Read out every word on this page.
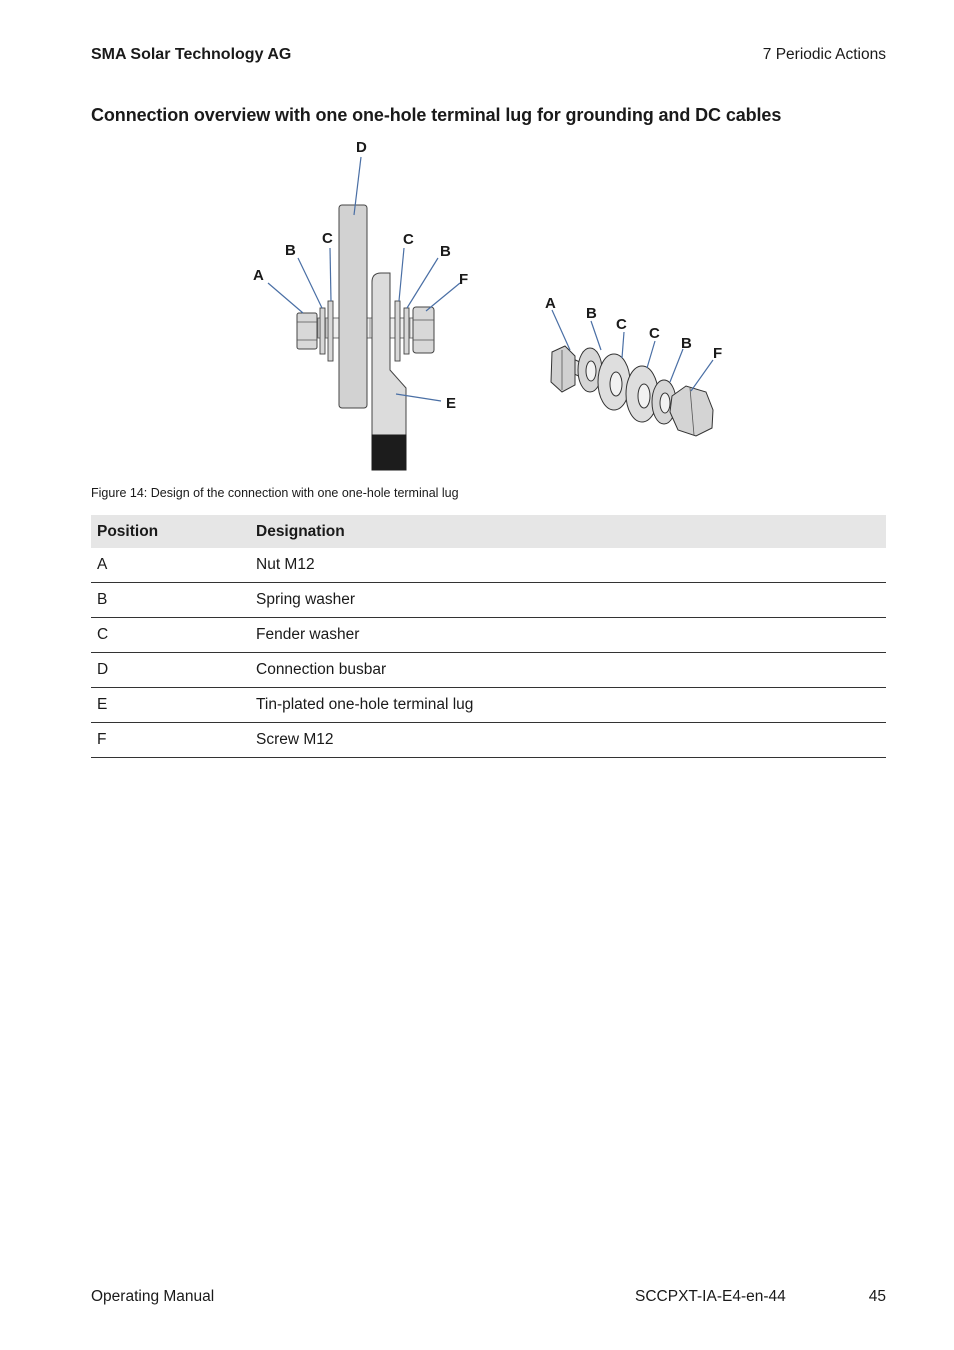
SMA Solar Technology AG	7 Periodic Actions
Connection overview with one one-hole terminal lug for grounding and DC cables
A
B
C
D
C
B
F
E
A
B
C
C
B
F
Figure 14: Design of the connection with one one-hole terminal lug
Position	Designation
A	Nut M12
B	Spring washer
C	Fender washer
D	Connection busbar
E	Tin-plated one-hole terminal lug
F	Screw M12
Operating Manual	SCCPXT-IA-E4-en-44	45
